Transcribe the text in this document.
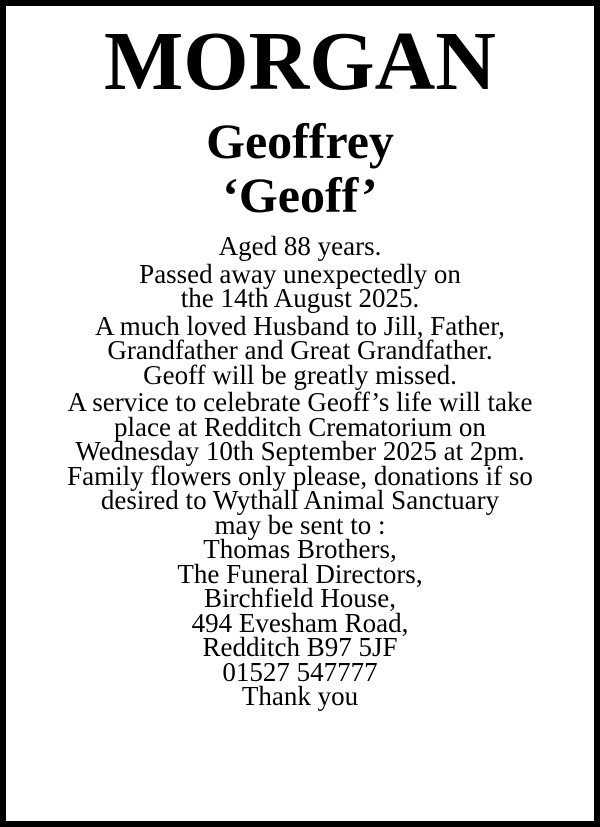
MORGAN
Geoffrey
‘Geoff’

Aged 88 years.

Passed away unexpectedly on
the 14th August 2025.

A much loved Husband to Jill, Father,
Grandfather and Great Grandfather.
Geoff will be greatly missed.

A service to celebrate Geoff’s life will take
place at Redditch Crematorium on
Wednesday 10th September 2025 at 2pm.
Family flowers only please, donations if so
desired to Wythall Animal Sanctuary
may be sent to :
Thomas Brothers,
The Funeral Directors,
Birchfield House,
494 Evesham Road,
Redditch B97 5JF
01527 547777
Thank you
